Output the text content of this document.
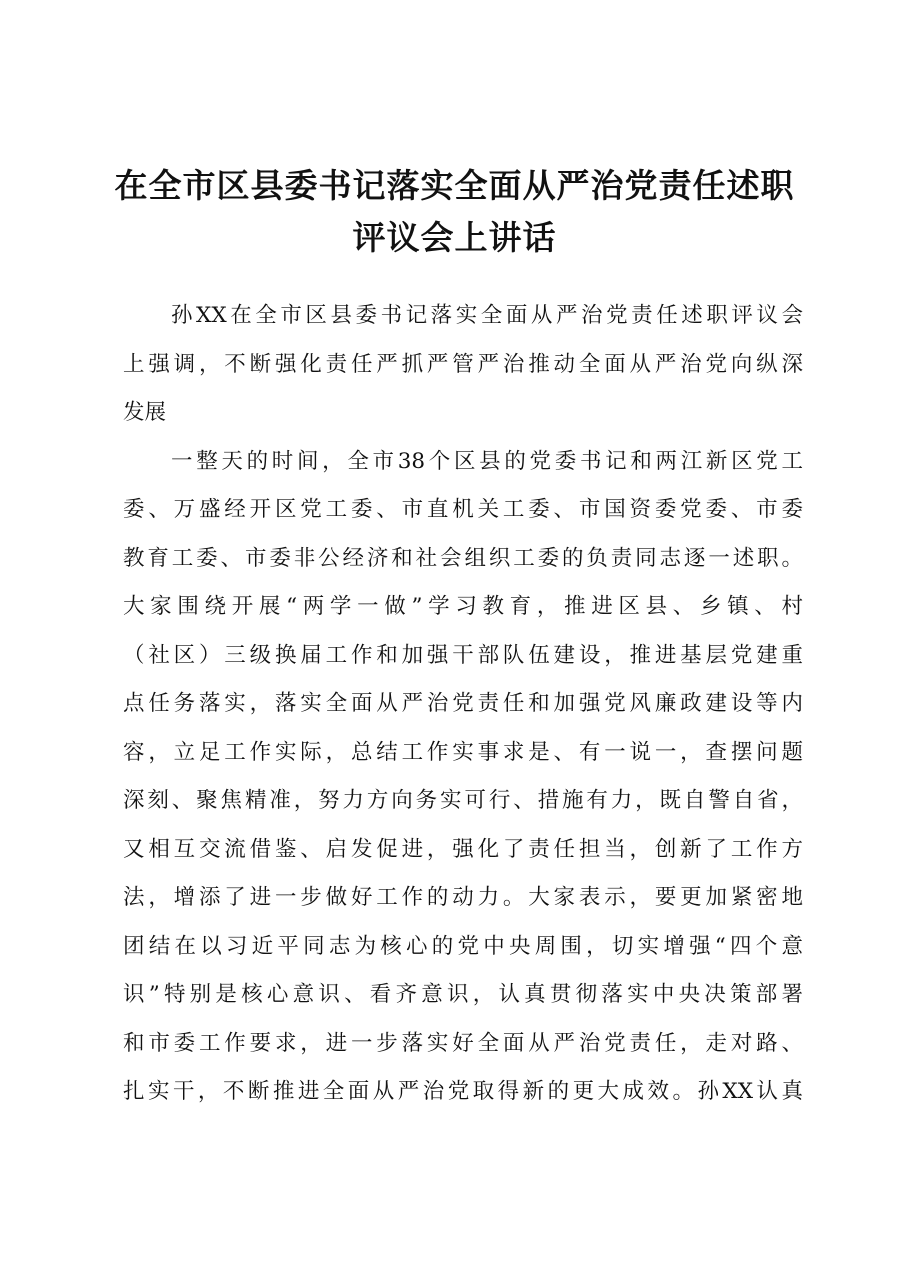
在全市区县委书记落实全面从严治党责任述职
评议会上讲话
孙XX在全市区县委书记落实全面从严治党责任述职评议会
上强调，不断强化责任严抓严管严治推动全面从严治党向纵深
发展
一整天的时间，全市38个区县的党委书记和两江新区党工
委、万盛经开区党工委、市直机关工委、市国资委党委、市委
教育工委、市委非公经济和社会组织工委的负责同志逐一述职。
大家围绕开展“两学一做”学习教育，推进区县、乡镇、村
（社区）三级换届工作和加强干部队伍建设，推进基层党建重
点任务落实，落实全面从严治党责任和加强党风廉政建设等内
容，立足工作实际，总结工作实事求是、有一说一，查摆问题
深刻、聚焦精准，努力方向务实可行、措施有力，既自警自省，
又相互交流借鉴、启发促进，强化了责任担当，创新了工作方
法，增添了进一步做好工作的动力。大家表示，要更加紧密地
团结在以习近平同志为核心的党中央周围，切实增强“四个意
识”特别是核心意识、看齐意识，认真贯彻落实中央决策部署
和市委工作要求，进一步落实好全面从严治党责任，走对路、
扎实干，不断推进全面从严治党取得新的更大成效。孙XX认真
